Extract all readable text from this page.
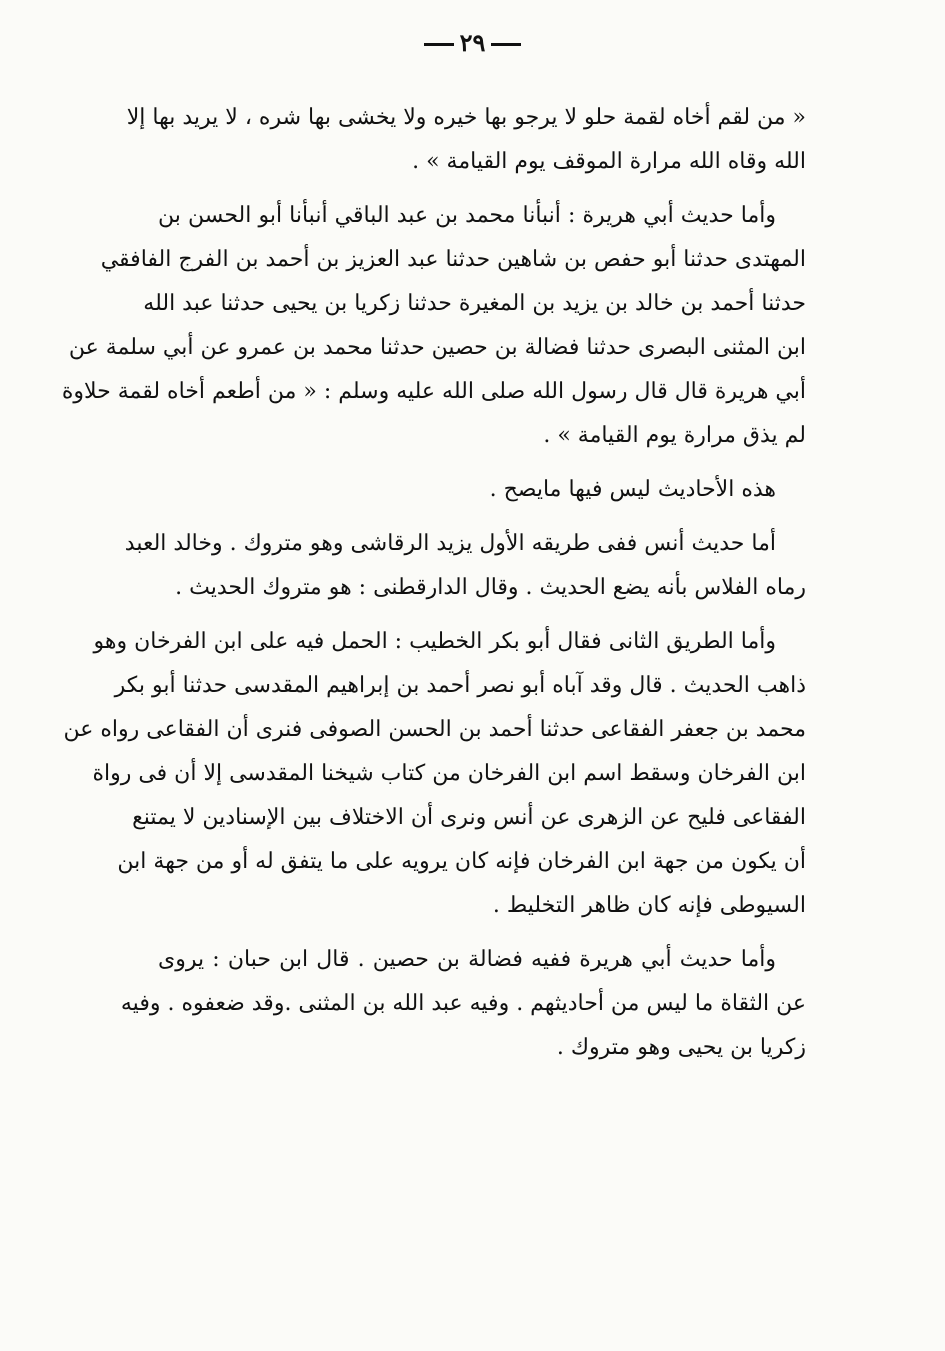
٢٩
« من لقم أخاه لقمة حلو لا يرجو بها خيره ولا يخشى بها شره ، لا يريد بها إلا
الله وقاه الله مرارة الموقف يوم القيامة » .
وأما حديث أبي هريرة : أنبأنا محمد بن عبد الباقي أنبأنا أبو الحسن بن
المهتدى حدثنا أبو حفص بن شاهين حدثنا عبد العزيز بن أحمد بن الفرج الفافقي
حدثنا أحمد بن خالد بن يزيد بن المغيرة حدثنا زكريا بن يحيى حدثنا عبد الله
ابن المثنى البصرى حدثنا فضالة بن حصين حدثنا محمد بن عمرو عن أبي سلمة عن
أبي هريرة قال قال رسول الله صلى الله عليه وسلم : « من أطعم أخاه لقمة حلاوة
لم يذق مرارة يوم القيامة » .
هذه الأحاديث ليس فيها مايصح .
أما حديث أنس ففى طريقه الأول يزيد الرقاشى وهو متروك . وخالد العبد
رماه الفلاس بأنه يضع الحديث . وقال الدارقطنى : هو متروك الحديث .
وأما الطريق الثانى فقال أبو بكر الخطيب : الحمل فيه على ابن الفرخان وهو
ذاهب الحديث . قال وقد آباه أبو نصر أحمد بن إبراهيم المقدسى حدثنا أبو بكر
محمد بن جعفر الفقاعى حدثنا أحمد بن الحسن الصوفى فنرى أن الفقاعى رواه عن
ابن الفرخان وسقط اسم ابن الفرخان من كتاب شيخنا المقدسى إلا أن فى رواة
الفقاعى فليح عن الزهرى عن أنس ونرى أن الاختلاف بين الإسنادين لا يمتنع
أن يكون من جهة ابن الفرخان فإنه كان يرويه على ما يتفق له أو من جهة ابن
السيوطى فإنه كان ظاهر التخليط .
وأما حديث أبي هريرة ففيه فضالة بن حصين . قال ابن حبان : يروى
عن الثقاة ما ليس من أحاديثهم . وفيه عبد الله بن المثنى .وقد ضعفوه . وفيه
زكريا بن يحيى وهو متروك .
